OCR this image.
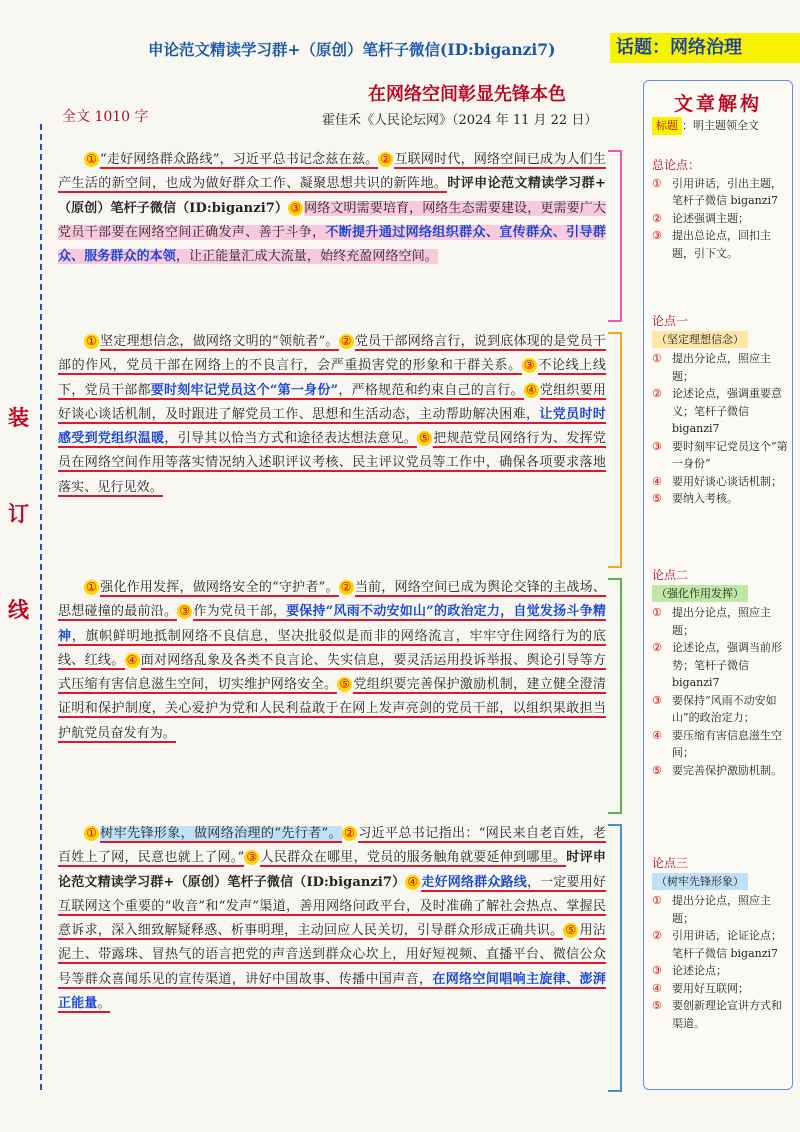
申论范文精读学习群+（原创）笔杆子微信(ID:biganzi7)	话题：网络治理
在网络空间彰显先锋本色
全文 1010 字	霍佳禾《人民论坛网》（2024 年 11 月 22 日）
装
订
线

① “走好网络群众路线”，习近平总书记念兹在兹。 ② 互联网时代，网络空间已成为人们生产生活的新空间，也成为做好群众工作、凝聚思想共识的新阵地。时评申论范文精读学习群+（原创）笔杆子微信（ID:biganzi7） ③ 网络文明需要培育，网络生态需要建设，更需要广大党员干部要在网络空间正确发声、善于斗争，不断提升通过网络组织群众、宣传群众、引导群众、服务群众的本领，让正能量汇成大流量，始终充盈网络空间。

① 坚定理想信念，做网络文明的“领航者”。 ② 党员干部网络言行，说到底体现的是党员干部的作风，党员干部在网络上的不良言行，会严重损害党的形象和干群关系。 ③ 不论线上线下，党员干部都要时刻牢记党员这个“第一身份”，严格规范和约束自己的言行。 ④ 党组织要用好谈心谈话机制，及时跟进了解党员工作、思想和生活动态，主动帮助解决困难，让党员时时感受到党组织温暖，引导其以恰当方式和途径表达想法意见。 ⑤ 把规范党员网络行为、发挥党员在网络空间作用等落实情况纳入述职评议考核、民主评议党员等工作中，确保各项要求落地落实、见行见效。

① 强化作用发挥，做网络安全的“守护者”。 ② 当前，网络空间已成为舆论交锋的主战场、思想碰撞的最前沿。 ③ 作为党员干部，要保持“风雨不动安如山”的政治定力，自觉发扬斗争精神，旗帜鲜明地抵制网络不良信息，坚决批驳似是而非的网络流言，牢牢守住网络行为的底线、红线。 ④ 面对网络乱象及各类不良言论、失实信息，要灵活运用投诉举报、舆论引导等方式压缩有害信息滋生空间，切实维护网络安全。 ⑤ 党组织要完善保护激励机制，建立健全澄清证明和保护制度，关心爱护为党和人民利益敢于在网上发声亮剑的党员干部，以组织果敢担当护航党员奋发有为。

① 树牢先锋形象，做网络治理的“先行者”。 ② 习近平总书记指出：“网民来自老百姓，老百姓上了网，民意也就上了网。” ③ 人民群众在哪里，党员的服务触角就要延伸到哪里。时评申论范文精读学习群+（原创）笔杆子微信（ID:biganzi7） ④ 走好网络群众路线，一定要用好互联网这个重要的“收音”和“发声”渠道，善用网络问政平台，及时准确了解社会热点、掌握民意诉求，深入细致解疑释惑、析事明理，主动回应人民关切，引导群众形成正确共识。 ⑤ 用沾泥土、带露珠、冒热气的语言把党的声音送到群众心坎上，用好短视频、直播平台、微信公众号等群众喜闻乐见的宣传渠道，讲好中国故事、传播中国声音，在网络空间唱响主旋律、澎湃正能量。

文章解构
标题 ：明主题领全文
总论点：
① 引用讲话，引出主题，笔杆子微信 biganzi7
② 论述强调主题；
③ 提出总论点，回扣主题，引下文。
论点一
（坚定理想信念）
① 提出分论点，照应主题；
② 论述论点，强调重要意义；笔杆子微信 biganzi7
③ 要时刻牢记党员这个“第一身份”
④ 要用好谈心谈话机制；
⑤ 要纳入考核。
论点二
（强化作用发挥）
① 提出分论点，照应主题；
② 论述论点，强调当前形势；笔杆子微信 biganzi7
③ 要保持“风雨不动安如山”的政治定力；
④ 要压缩有害信息滋生空间；
⑤ 要完善保护激励机制。
论点三
（树牢先锋形象）
① 提出分论点，照应主题；
② 引用讲话，论证论点；笔杆子微信 biganzi7
③ 论述论点；
④ 要用好互联网；
⑤ 要创新理论宣讲方式和渠道。
